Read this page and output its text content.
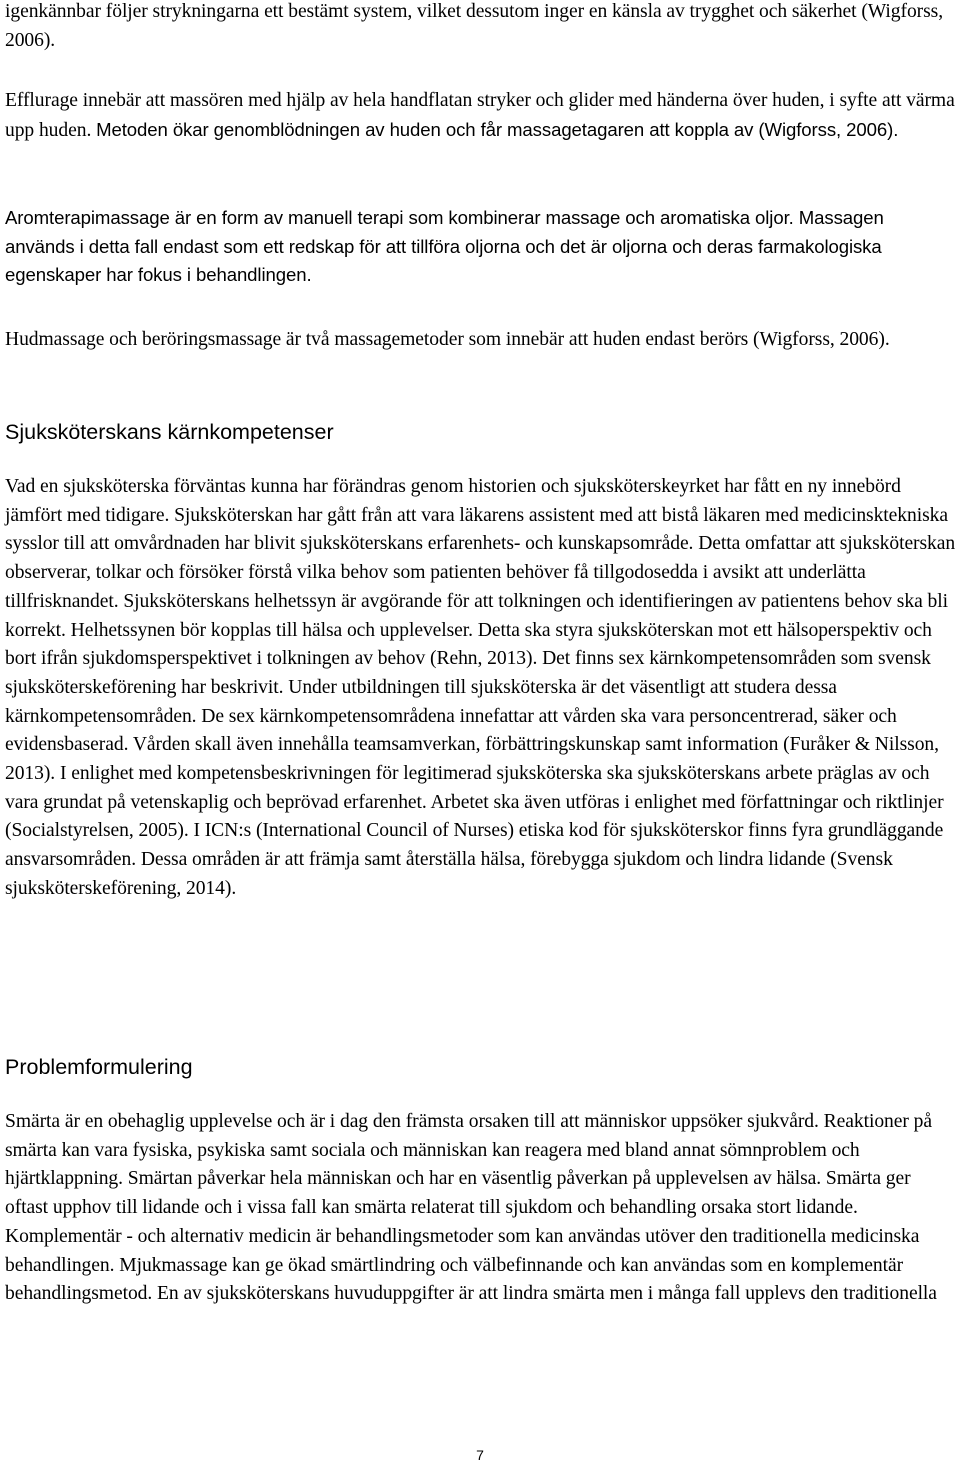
igenkännbar följer strykningarna ett bestämt system, vilket dessutom inger en känsla av trygghet och säkerhet (Wigforss, 2006).

Efflurage innebär att massören med hjälp av hela handflatan stryker och glider med händerna över huden, i syfte att värma upp huden. Metoden ökar genomblödningen av huden och får massagetagaren att koppla av (Wigforss, 2006).

Aromterapimassage är en form av manuell terapi som kombinerar massage och aromatiska oljor. Massagen används i detta fall endast som ett redskap för att tillföra oljorna och det är oljorna och deras farmakologiska egenskaper har fokus i behandlingen.

Hudmassage och beröringsmassage är två massagemetoder som innebär att huden endast berörs (Wigforss, 2006).

Sjuksköterskans kärnkompetenser

Vad en sjuksköterska förväntas kunna har förändras genom historien och sjuksköterskeyrket har fått en ny innebörd jämfört med tidigare. Sjuksköterskan har gått från att vara läkarens assistent med att bistå läkaren med medicinsktekniska sysslor till att omvårdnaden har blivit sjuksköterskans erfarenhets- och kunskapsområde. Detta omfattar att sjuksköterskan observerar, tolkar och försöker förstå vilka behov som patienten behöver få tillgodosedda i avsikt att underlätta tillfrisknandet. Sjuksköterskans helhetssyn är avgörande för att tolkningen och identifieringen av patientens behov ska bli korrekt. Helhetssynen bör kopplas till hälsa och upplevelser. Detta ska styra sjuksköterskan mot ett hälsoperspektiv och bort ifrån sjukdomsperspektivet i tolkningen av behov (Rehn, 2013). Det finns sex kärnkompetensområden som svensk sjuksköterskeförening har beskrivit. Under utbildningen till sjuksköterska är det väsentligt att studera dessa kärnkompetensområden. De sex kärnkompetensområdena innefattar att vården ska vara personcentrerad, säker och evidensbaserad. Vården skall även innehålla teamsamverkan, förbättringskunskap samt information (Furåker & Nilsson, 2013). I enlighet med kompetensbeskrivningen för legitimerad sjuksköterska ska sjuksköterskans arbete präglas av och vara grundat på vetenskaplig och beprövad erfarenhet. Arbetet ska även utföras i enlighet med författningar och riktlinjer (Socialstyrelsen, 2005). I ICN:s (International Council of Nurses) etiska kod för sjuksköterskor finns fyra grundläggande ansvarsområden. Dessa områden är att främja samt återställa hälsa, förebygga sjukdom och lindra lidande (Svensk sjuksköterskeförening, 2014).

Problemformulering

Smärta är en obehaglig upplevelse och är i dag den främsta orsaken till att människor uppsöker sjukvård. Reaktioner på smärta kan vara fysiska, psykiska samt sociala och människan kan reagera med bland annat sömnproblem och hjärtklappning. Smärtan påverkar hela människan och har en väsentlig påverkan på upplevelsen av hälsa. Smärta ger oftast upphov till lidande och i vissa fall kan smärta relaterat till sjukdom och behandling orsaka stort lidande. Komplementär - och alternativ medicin är behandlingsmetoder som kan användas utöver den traditionella medicinska behandlingen. Mjukmassage kan ge ökad smärtlindring och välbefinnande och kan användas som en komplementär behandlingsmetod. En av sjuksköterskans huvuduppgifter är att lindra smärta men i många fall upplevs den traditionella

7
